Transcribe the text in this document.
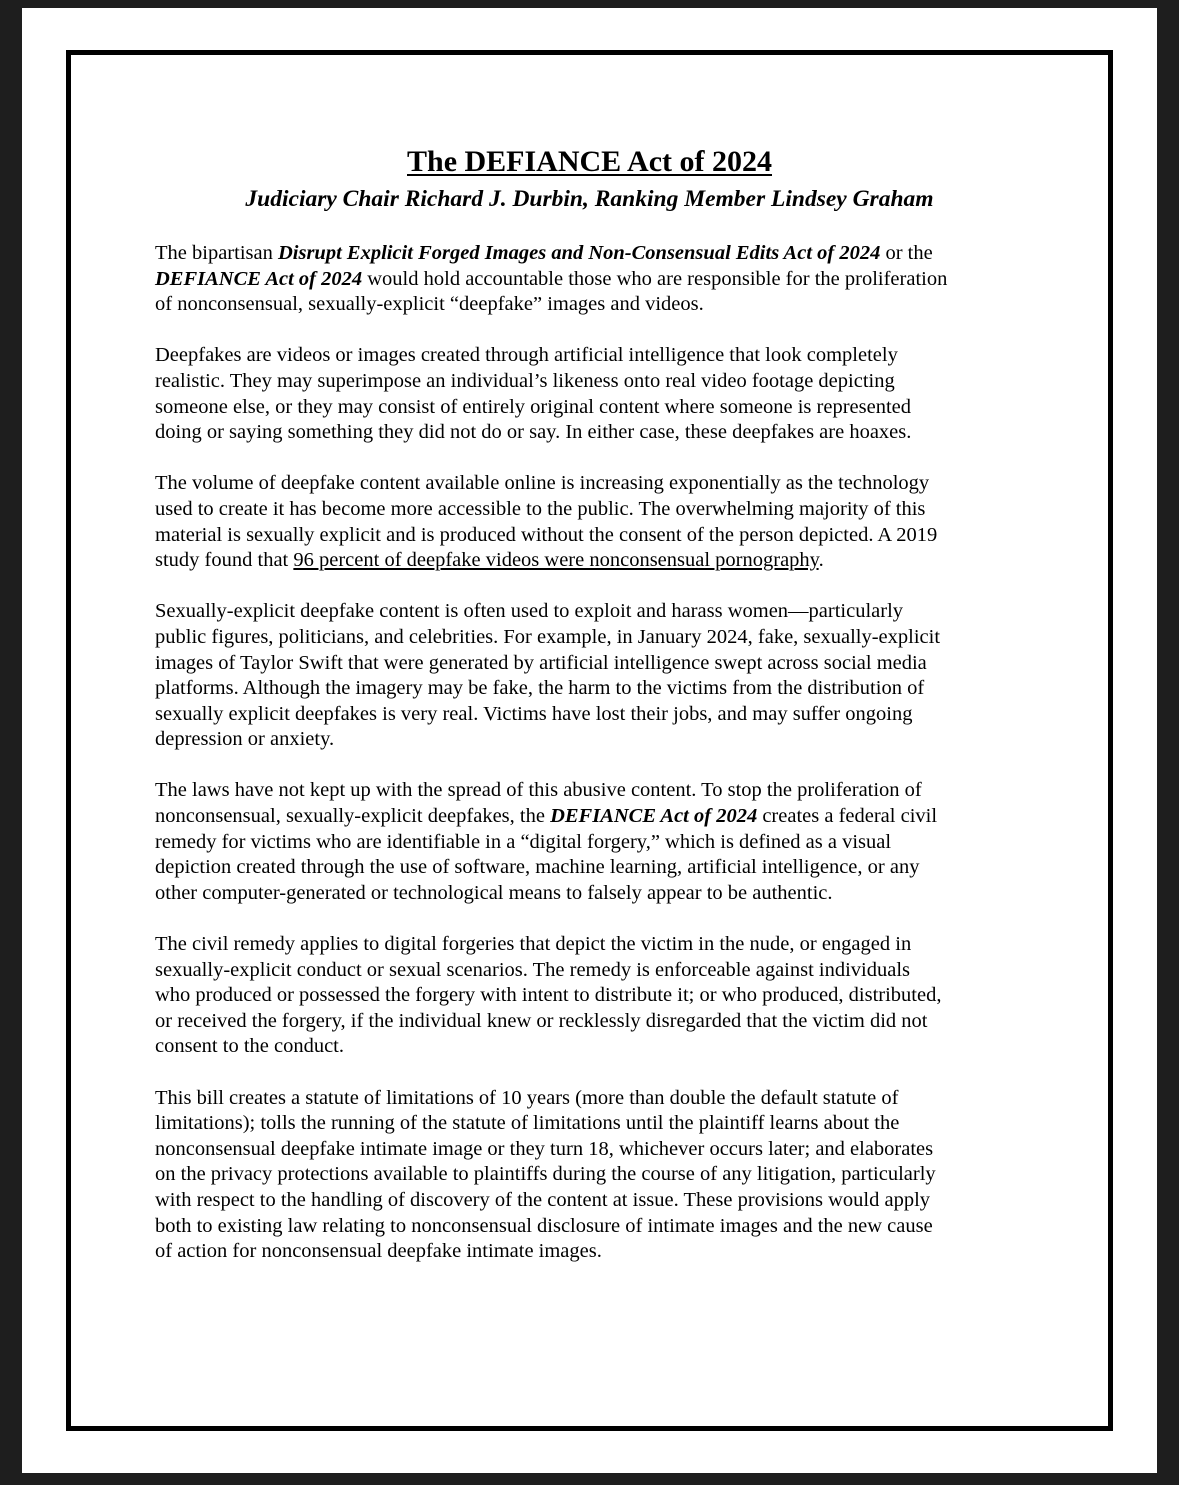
The DEFIANCE Act of 2024
Judiciary Chair Richard J. Durbin, Ranking Member Lindsey Graham

The bipartisan Disrupt Explicit Forged Images and Non-Consensual Edits Act of 2024 or the
DEFIANCE Act of 2024 would hold accountable those who are responsible for the proliferation
of nonconsensual, sexually-explicit “deepfake” images and videos.

Deepfakes are videos or images created through artificial intelligence that look completely
realistic. They may superimpose an individual’s likeness onto real video footage depicting
someone else, or they may consist of entirely original content where someone is represented
doing or saying something they did not do or say. In either case, these deepfakes are hoaxes.

The volume of deepfake content available online is increasing exponentially as the technology
used to create it has become more accessible to the public. The overwhelming majority of this
material is sexually explicit and is produced without the consent of the person depicted. A 2019
study found that 96 percent of deepfake videos were nonconsensual pornography.

Sexually-explicit deepfake content is often used to exploit and harass women—particularly
public figures, politicians, and celebrities. For example, in January 2024, fake, sexually-explicit
images of Taylor Swift that were generated by artificial intelligence swept across social media
platforms. Although the imagery may be fake, the harm to the victims from the distribution of
sexually explicit deepfakes is very real. Victims have lost their jobs, and may suffer ongoing
depression or anxiety.

The laws have not kept up with the spread of this abusive content. To stop the proliferation of
nonconsensual, sexually-explicit deepfakes, the DEFIANCE Act of 2024 creates a federal civil
remedy for victims who are identifiable in a “digital forgery,” which is defined as a visual
depiction created through the use of software, machine learning, artificial intelligence, or any
other computer-generated or technological means to falsely appear to be authentic.

The civil remedy applies to digital forgeries that depict the victim in the nude, or engaged in
sexually-explicit conduct or sexual scenarios. The remedy is enforceable against individuals
who produced or possessed the forgery with intent to distribute it; or who produced, distributed,
or received the forgery, if the individual knew or recklessly disregarded that the victim did not
consent to the conduct.

This bill creates a statute of limitations of 10 years (more than double the default statute of
limitations); tolls the running of the statute of limitations until the plaintiff learns about the
nonconsensual deepfake intimate image or they turn 18, whichever occurs later; and elaborates
on the privacy protections available to plaintiffs during the course of any litigation, particularly
with respect to the handling of discovery of the content at issue. These provisions would apply
both to existing law relating to nonconsensual disclosure of intimate images and the new cause
of action for nonconsensual deepfake intimate images.
